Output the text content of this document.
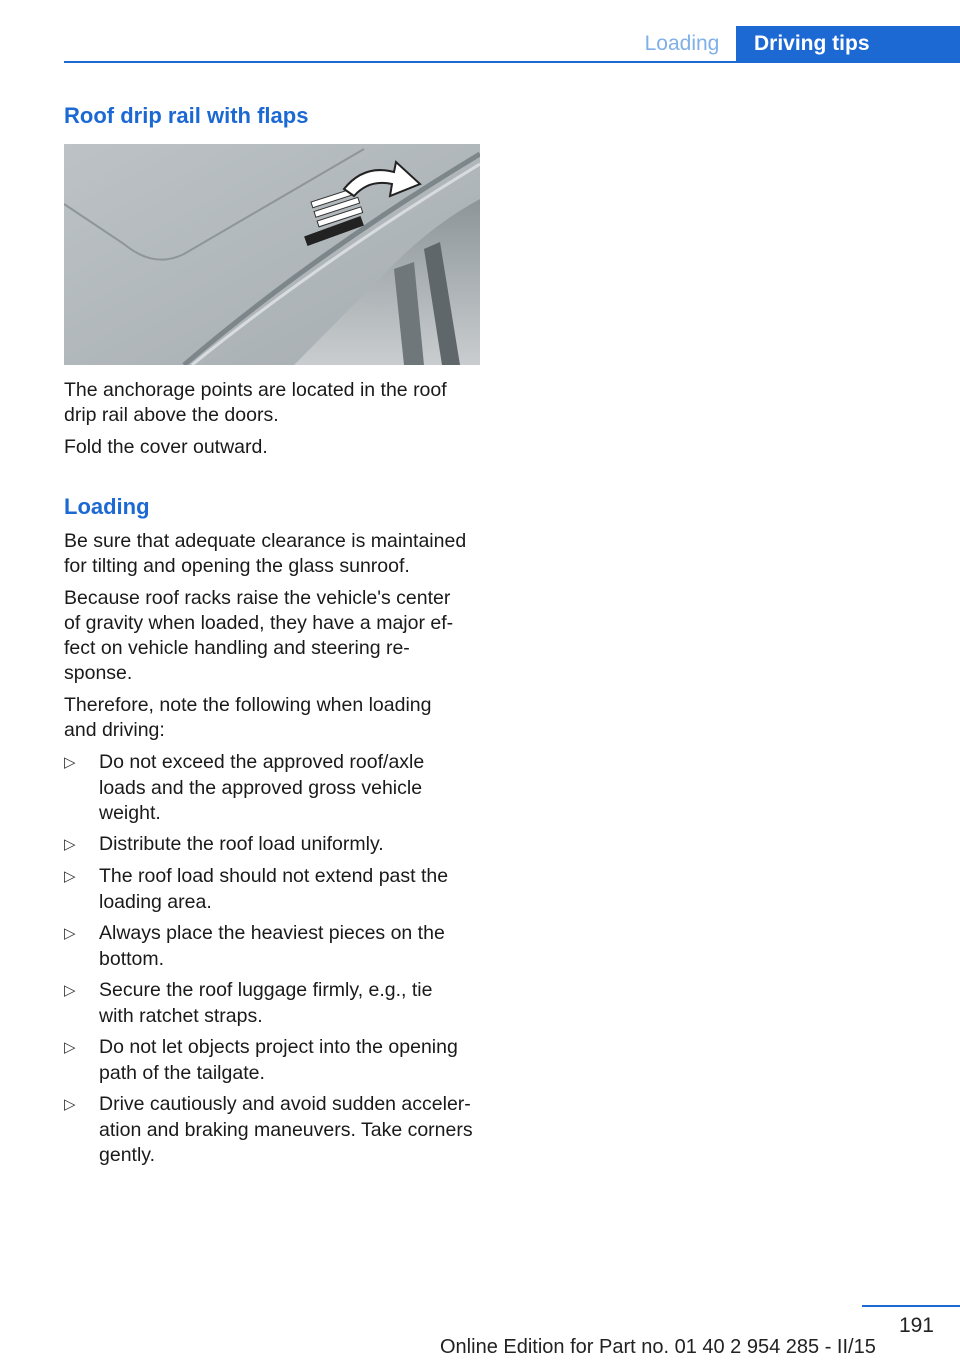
Loading	Driving tips
Roof drip rail with flaps

The anchorage points are located in the roof

drip rail above the doors.

Fold the cover outward.

Loading

Be sure that adequate clearance is maintained

for tilting and opening the glass sunroof.

Because roof racks raise the vehicle's center

of gravity when loaded, they have a major ef‐

fect on vehicle handling and steering re‐

sponse.

Therefore, note the following when loading

and driving:

▷	Do not exceed the approved roof/axle
loads and the approved gross vehicle
weight.
▷	Distribute the roof load uniformly.
▷	The roof load should not extend past the
loading area.
▷	Always place the heaviest pieces on the
bottom.
▷	Secure the roof luggage firmly, e.g., tie
with ratchet straps.
▷	Do not let objects project into the opening
path of the tailgate.
▷	Drive cautiously and avoid sudden acceler‐
ation and braking maneuvers. Take corners
gently.
191
Online Edition for Part no. 01 40 2 954 285 - II/15
